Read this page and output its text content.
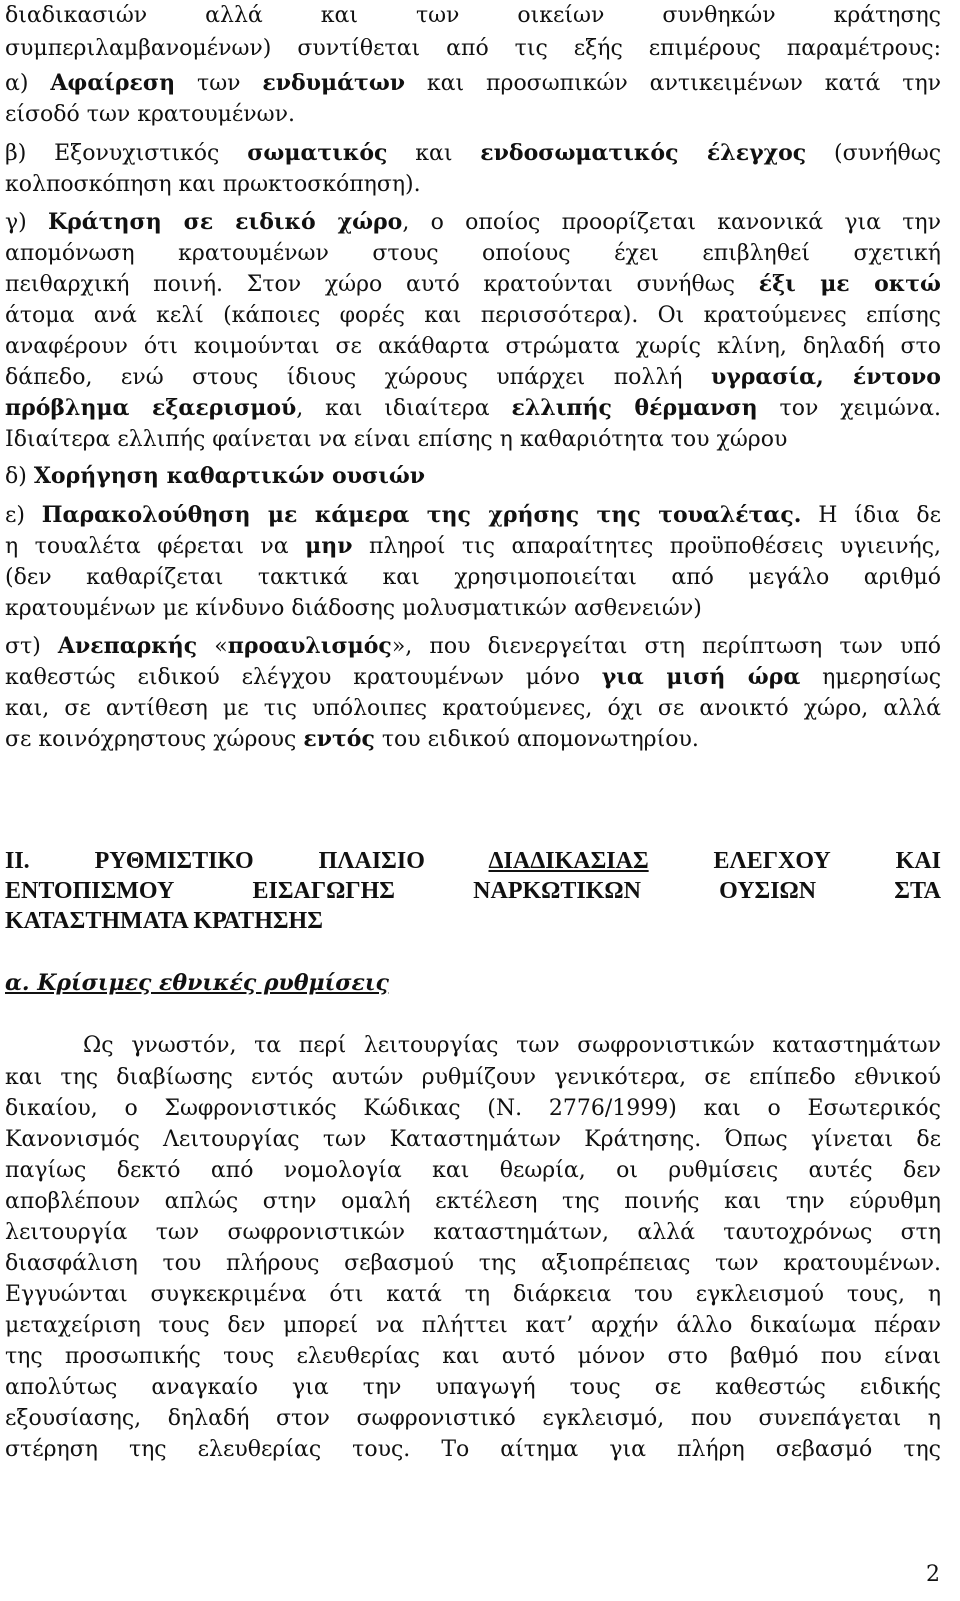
διαδικασιών αλλά και των οικείων συνθηκών κράτησης

συμπεριλαμβανομένων) συντίθεται από τις εξής επιμέρους παραμέτρους:

α) Αφαίρεση των ενδυμάτων και προσωπικών αντικειμένων κατά την

είσοδό των κρατουμένων.

β) Εξονυχιστικός σωματικός και ενδοσωματικός έλεγχος (συνήθως

κολποσκόπηση και πρωκτοσκόπηση).

γ) Κράτηση σε ειδικό χώρο, ο οποίος προορίζεται κανονικά για την

απομόνωση κρατουμένων στους οποίους έχει επιβληθεί σχετική

πειθαρχική ποινή. Στον χώρο αυτό κρατούνται συνήθως έξι με οκτώ

άτομα ανά κελί (κάποιες φορές και περισσότερα). Οι κρατούμενες επίσης

αναφέρουν ότι κοιμούνται σε ακάθαρτα στρώματα χωρίς κλίνη, δηλαδή στο

δάπεδο, ενώ στους ίδιους χώρους υπάρχει πολλή υγρασία, έντονο

πρόβλημα εξαερισμού, και ιδιαίτερα ελλιπής θέρμανση τον χειμώνα.

Ιδιαίτερα ελλιπής φαίνεται να είναι επίσης η καθαριότητα του χώρου

δ) Χορήγηση καθαρτικών ουσιών

ε) Παρακολούθηση με κάμερα της χρήσης της τουαλέτας. Η ίδια δε

η τουαλέτα φέρεται να μην πληροί τις απαραίτητες προϋποθέσεις υγιεινής,

(δεν καθαρίζεται τακτικά και χρησιμοποιείται από μεγάλο αριθμό

κρατουμένων με κίνδυνο διάδοσης μολυσματικών ασθενειών)

στ) Ανεπαρκής «προαυλισμός», που διενεργείται στη περίπτωση των υπό

καθεστώς ειδικού ελέγχου κρατουμένων μόνο για μισή ώρα ημερησίως

και, σε αντίθεση με τις υπόλοιπες κρατούμενες, όχι σε ανοικτό χώρο, αλλά

σε κοινόχρηστους χώρους εντός του ειδικού απομονωτηρίου.

II. ΡΥΘΜΙΣΤΙΚΟ ΠΛΑΙΣΙΟ ΔΙΑΔΙΚΑΣΙΑΣ ΕΛΕΓΧΟΥ ΚΑΙ

ΕΝΤΟΠΙΣΜΟΥ ΕΙΣΑΓΩΓΗΣ ΝΑΡΚΩΤΙΚΩΝ ΟΥΣΙΩΝ ΣΤΑ

ΚΑΤΑΣΤΗΜΑΤΑ ΚΡΑΤΗΣΗΣ

α. Κρίσιμες εθνικές ρυθμίσεις

Ως γνωστόν, τα περί λειτουργίας των σωφρονιστικών καταστημάτων

και της διαβίωσης εντός αυτών ρυθμίζουν γενικότερα, σε επίπεδο εθνικού

δικαίου, ο Σωφρονιστικός Κώδικας (Ν. 2776/1999) και ο Εσωτερικός

Κανονισμός Λειτουργίας των Καταστημάτων Κράτησης. Όπως γίνεται δε

παγίως δεκτό από νομολογία και θεωρία, οι ρυθμίσεις αυτές δεν

αποβλέπουν απλώς στην ομαλή εκτέλεση της ποινής και την εύρυθμη

λειτουργία των σωφρονιστικών καταστημάτων, αλλά ταυτοχρόνως στη

διασφάλιση του πλήρους σεβασμού της αξιοπρέπειας των κρατουμένων.

Εγγυώνται συγκεκριμένα ότι κατά τη διάρκεια του εγκλεισμού τους, η

μεταχείριση τους δεν μπορεί να πλήττει κατ’ αρχήν άλλο δικαίωμα πέραν

της προσωπικής τους ελευθερίας και αυτό μόνον στο βαθμό που είναι

απολύτως αναγκαίο για την υπαγωγή τους σε καθεστώς ειδικής

εξουσίασης, δηλαδή στον σωφρονιστικό εγκλεισμό, που συνεπάγεται η

στέρηση της ελευθερίας τους. Το αίτημα για πλήρη σεβασμό της

2
